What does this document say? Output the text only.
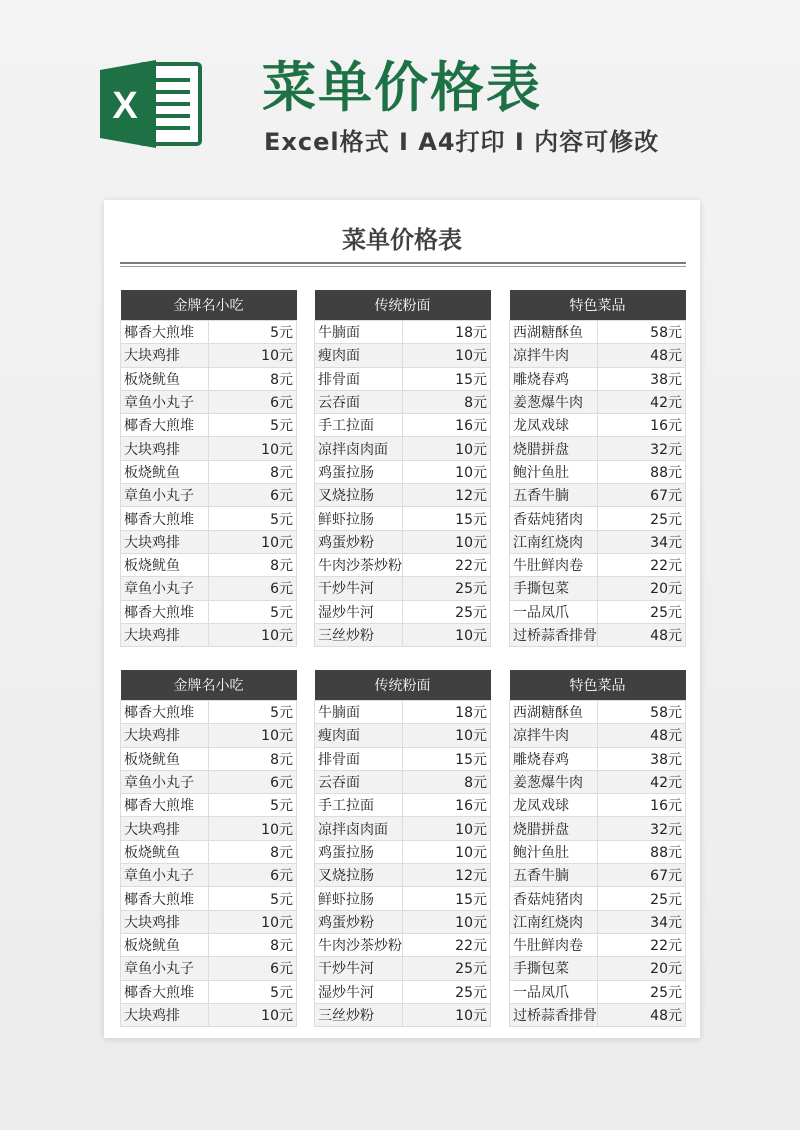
X 菜单价格表
Excel格式 I A4打印 I 内容可修改
菜单价格表
金牌名小吃	
椰香大煎堆	5元
大块鸡排	10元
板烧鱿鱼	8元
章鱼小丸子	6元
椰香大煎堆	5元
大块鸡排	10元
板烧鱿鱼	8元
章鱼小丸子	6元
椰香大煎堆	5元
大块鸡排	10元
板烧鱿鱼	8元
章鱼小丸子	6元
椰香大煎堆	5元
大块鸡排	10元
传统粉面	
牛腩面	18元
瘦肉面	10元
排骨面	15元
云吞面	8元
手工拉面	16元
凉拌卤肉面	10元
鸡蛋拉肠	10元
叉烧拉肠	12元
鲜虾拉肠	15元
鸡蛋炒粉	10元
牛肉沙茶炒粉	22元
干炒牛河	25元
湿炒牛河	25元
三丝炒粉	10元
特色菜品	
西湖糖酥鱼	58元
凉拌牛肉	48元
雕烧春鸡	38元
姜葱爆牛肉	42元
龙凤戏球	16元
烧腊拼盘	32元
鲍汁鱼肚	88元
五香牛腩	67元
香菇炖猪肉	25元
江南红烧肉	34元
牛肚鲜肉卷	22元
手撕包菜	20元
一品凤爪	25元
过桥蒜香排骨	48元
金牌名小吃	
椰香大煎堆	5元
大块鸡排	10元
板烧鱿鱼	8元
章鱼小丸子	6元
椰香大煎堆	5元
大块鸡排	10元
板烧鱿鱼	8元
章鱼小丸子	6元
椰香大煎堆	5元
大块鸡排	10元
板烧鱿鱼	8元
章鱼小丸子	6元
椰香大煎堆	5元
大块鸡排	10元
传统粉面	
牛腩面	18元
瘦肉面	10元
排骨面	15元
云吞面	8元
手工拉面	16元
凉拌卤肉面	10元
鸡蛋拉肠	10元
叉烧拉肠	12元
鲜虾拉肠	15元
鸡蛋炒粉	10元
牛肉沙茶炒粉	22元
干炒牛河	25元
湿炒牛河	25元
三丝炒粉	10元
特色菜品	
西湖糖酥鱼	58元
凉拌牛肉	48元
雕烧春鸡	38元
姜葱爆牛肉	42元
龙凤戏球	16元
烧腊拼盘	32元
鲍汁鱼肚	88元
五香牛腩	67元
香菇炖猪肉	25元
江南红烧肉	34元
牛肚鲜肉卷	22元
手撕包菜	20元
一品凤爪	25元
过桥蒜香排骨	48元
